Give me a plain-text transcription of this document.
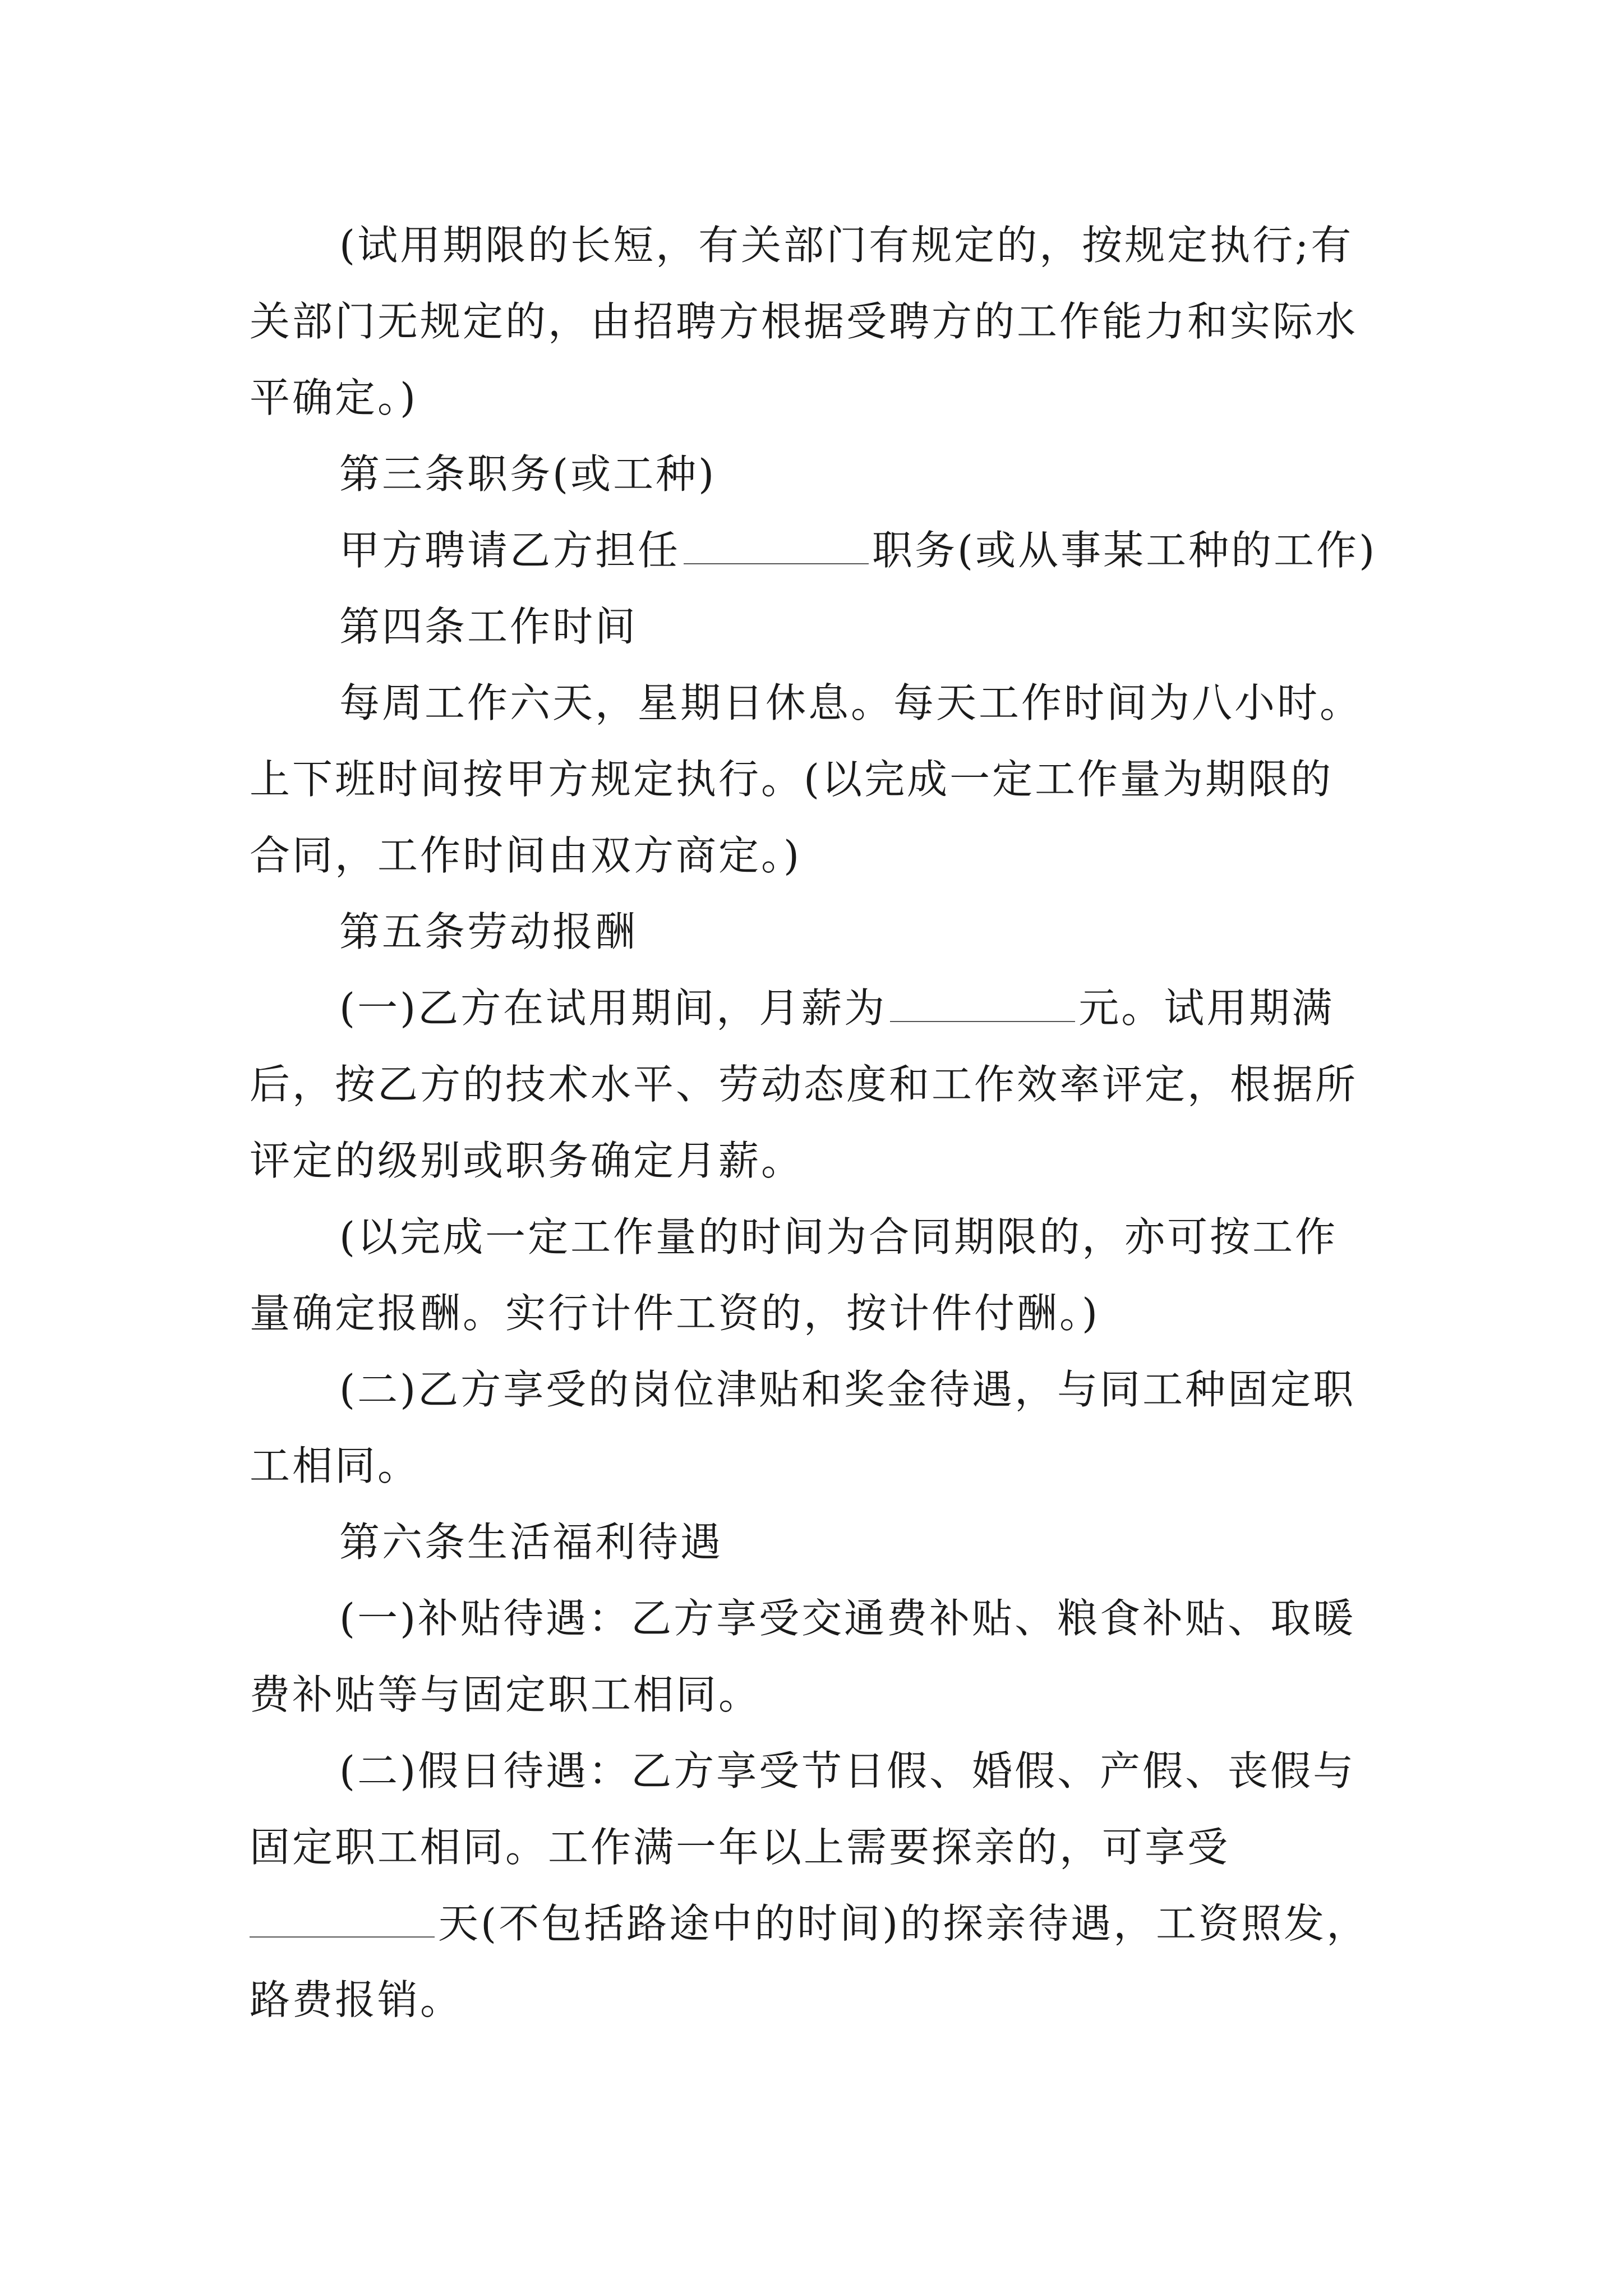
(试用期限的长短，有关部门有规定的，按规定执行;有
关部门无规定的，由招聘方根据受聘方的工作能力和实际水
平确定。)
第三条职务(或工种)
甲方聘请乙方担任	职务(或从事某工种的工作)
第四条工作时间
每周工作六天，星期日休息。每天工作时间为八小时。
上下班时间按甲方规定执行。(以完成一定工作量为期限的
合同，工作时间由双方商定。)
第五条劳动报酬
(一)乙方在试用期间，月薪为	元。试用期满
后，按乙方的技术水平、劳动态度和工作效率评定，根据所
评定的级别或职务确定月薪。
(以完成一定工作量的时间为合同期限的，亦可按工作
量确定报酬。实行计件工资的，按计件付酬。)
(二)乙方享受的岗位津贴和奖金待遇，与同工种固定职
工相同。
第六条生活福利待遇
(一)补贴待遇：乙方享受交通费补贴、粮食补贴、取暖
费补贴等与固定职工相同。
(二)假日待遇：乙方享受节日假、婚假、产假、丧假与
固定职工相同。工作满一年以上需要探亲的，可享受
天(不包括路途中的时间)的探亲待遇，工资照发，
路费报销。
